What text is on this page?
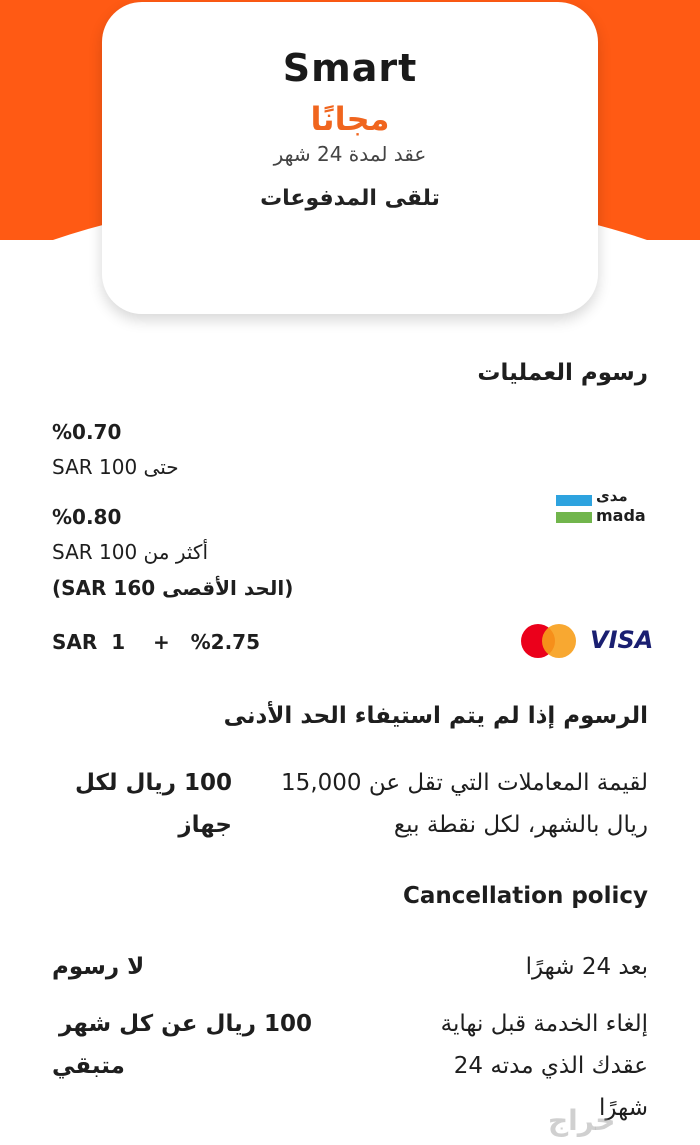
Smart
مجانًا
عقد لمدة 24 شهر
تلقى المدفوعات
رسوم العمليات
%0.70
حتى 100 SAR
%0.80
أكثر من 100 SAR
(الحد الأقصى 160 SAR)
مدى
mada
SAR  1    +   %2.75	VISA
الرسوم إذا لم يتم استيفاء الحد الأدنى
لقيمة المعاملات التي تقل عن 15,000
ريال بالشهر، لكل نقطة بيع
100 ريال لكل
جهاز
Cancellation policy
بعد 24 شهرًا
لا رسوم
إلغاء الخدمة قبل نهاية
عقدك الذي مدته 24
شهرًا
100 ريال عن كل شهر
متبقي
حراج
